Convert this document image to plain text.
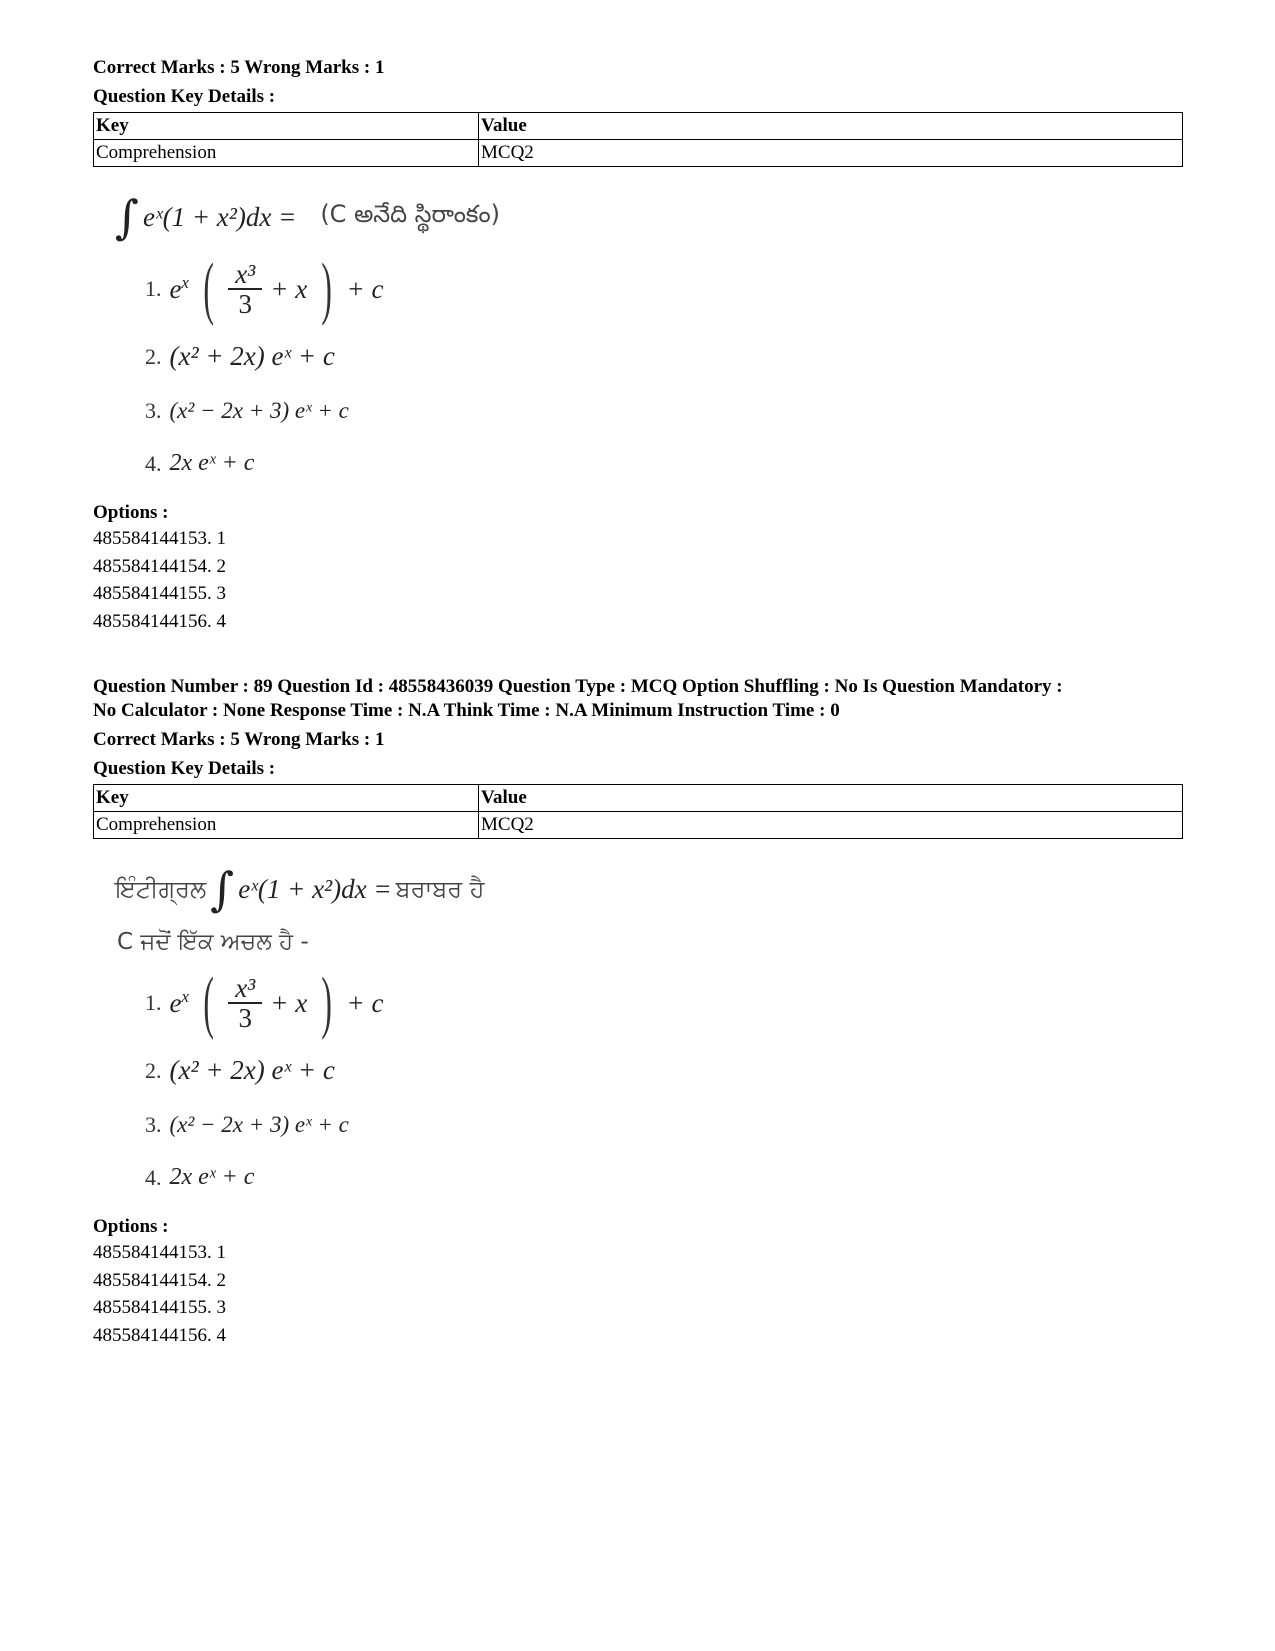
Correct Marks : 5 Wrong Marks : 1

Question Key Details :

Key	Value
Comprehension	MCQ2
∫ eˣ(1 + x²)dx = (C అనేది స్థిరాంకం)
1. $e^x$ ( $\frac{\text{x³}}{3} + x$ ) + c
2. (x² + 2x) eˣ + c
3. (x² − 2x + 3) eˣ + c
4. 2x eˣ + c

Options :

485584144153. 1
485584144154. 2
485584144155. 3
485584144156. 4
Question Number : 89 Question Id : 48558436039 Question Type : MCQ Option Shuffling : No Is Question Mandatory :
No Calculator : None Response Time : N.A Think Time : N.A Minimum Instruction Time : 0

Correct Marks : 5 Wrong Marks : 1

Question Key Details :

Key	Value
Comprehension	MCQ2
ਇੰਟੀਗ੍ਰਲ ∫ eˣ(1 + x²)dx = ਬਰਾਬਰ ਹੈ
C ਜਦੋਂ ਇੱਕ ਅਚਲ ਹੈ -
1. $e^x$ ( $\frac{\text{x³}}{3} + x$ ) + c
2. (x² + 2x) eˣ + c
3. (x² − 2x + 3) eˣ + c
4. 2x eˣ + c

Options :

485584144153. 1
485584144154. 2
485584144155. 3
485584144156. 4
